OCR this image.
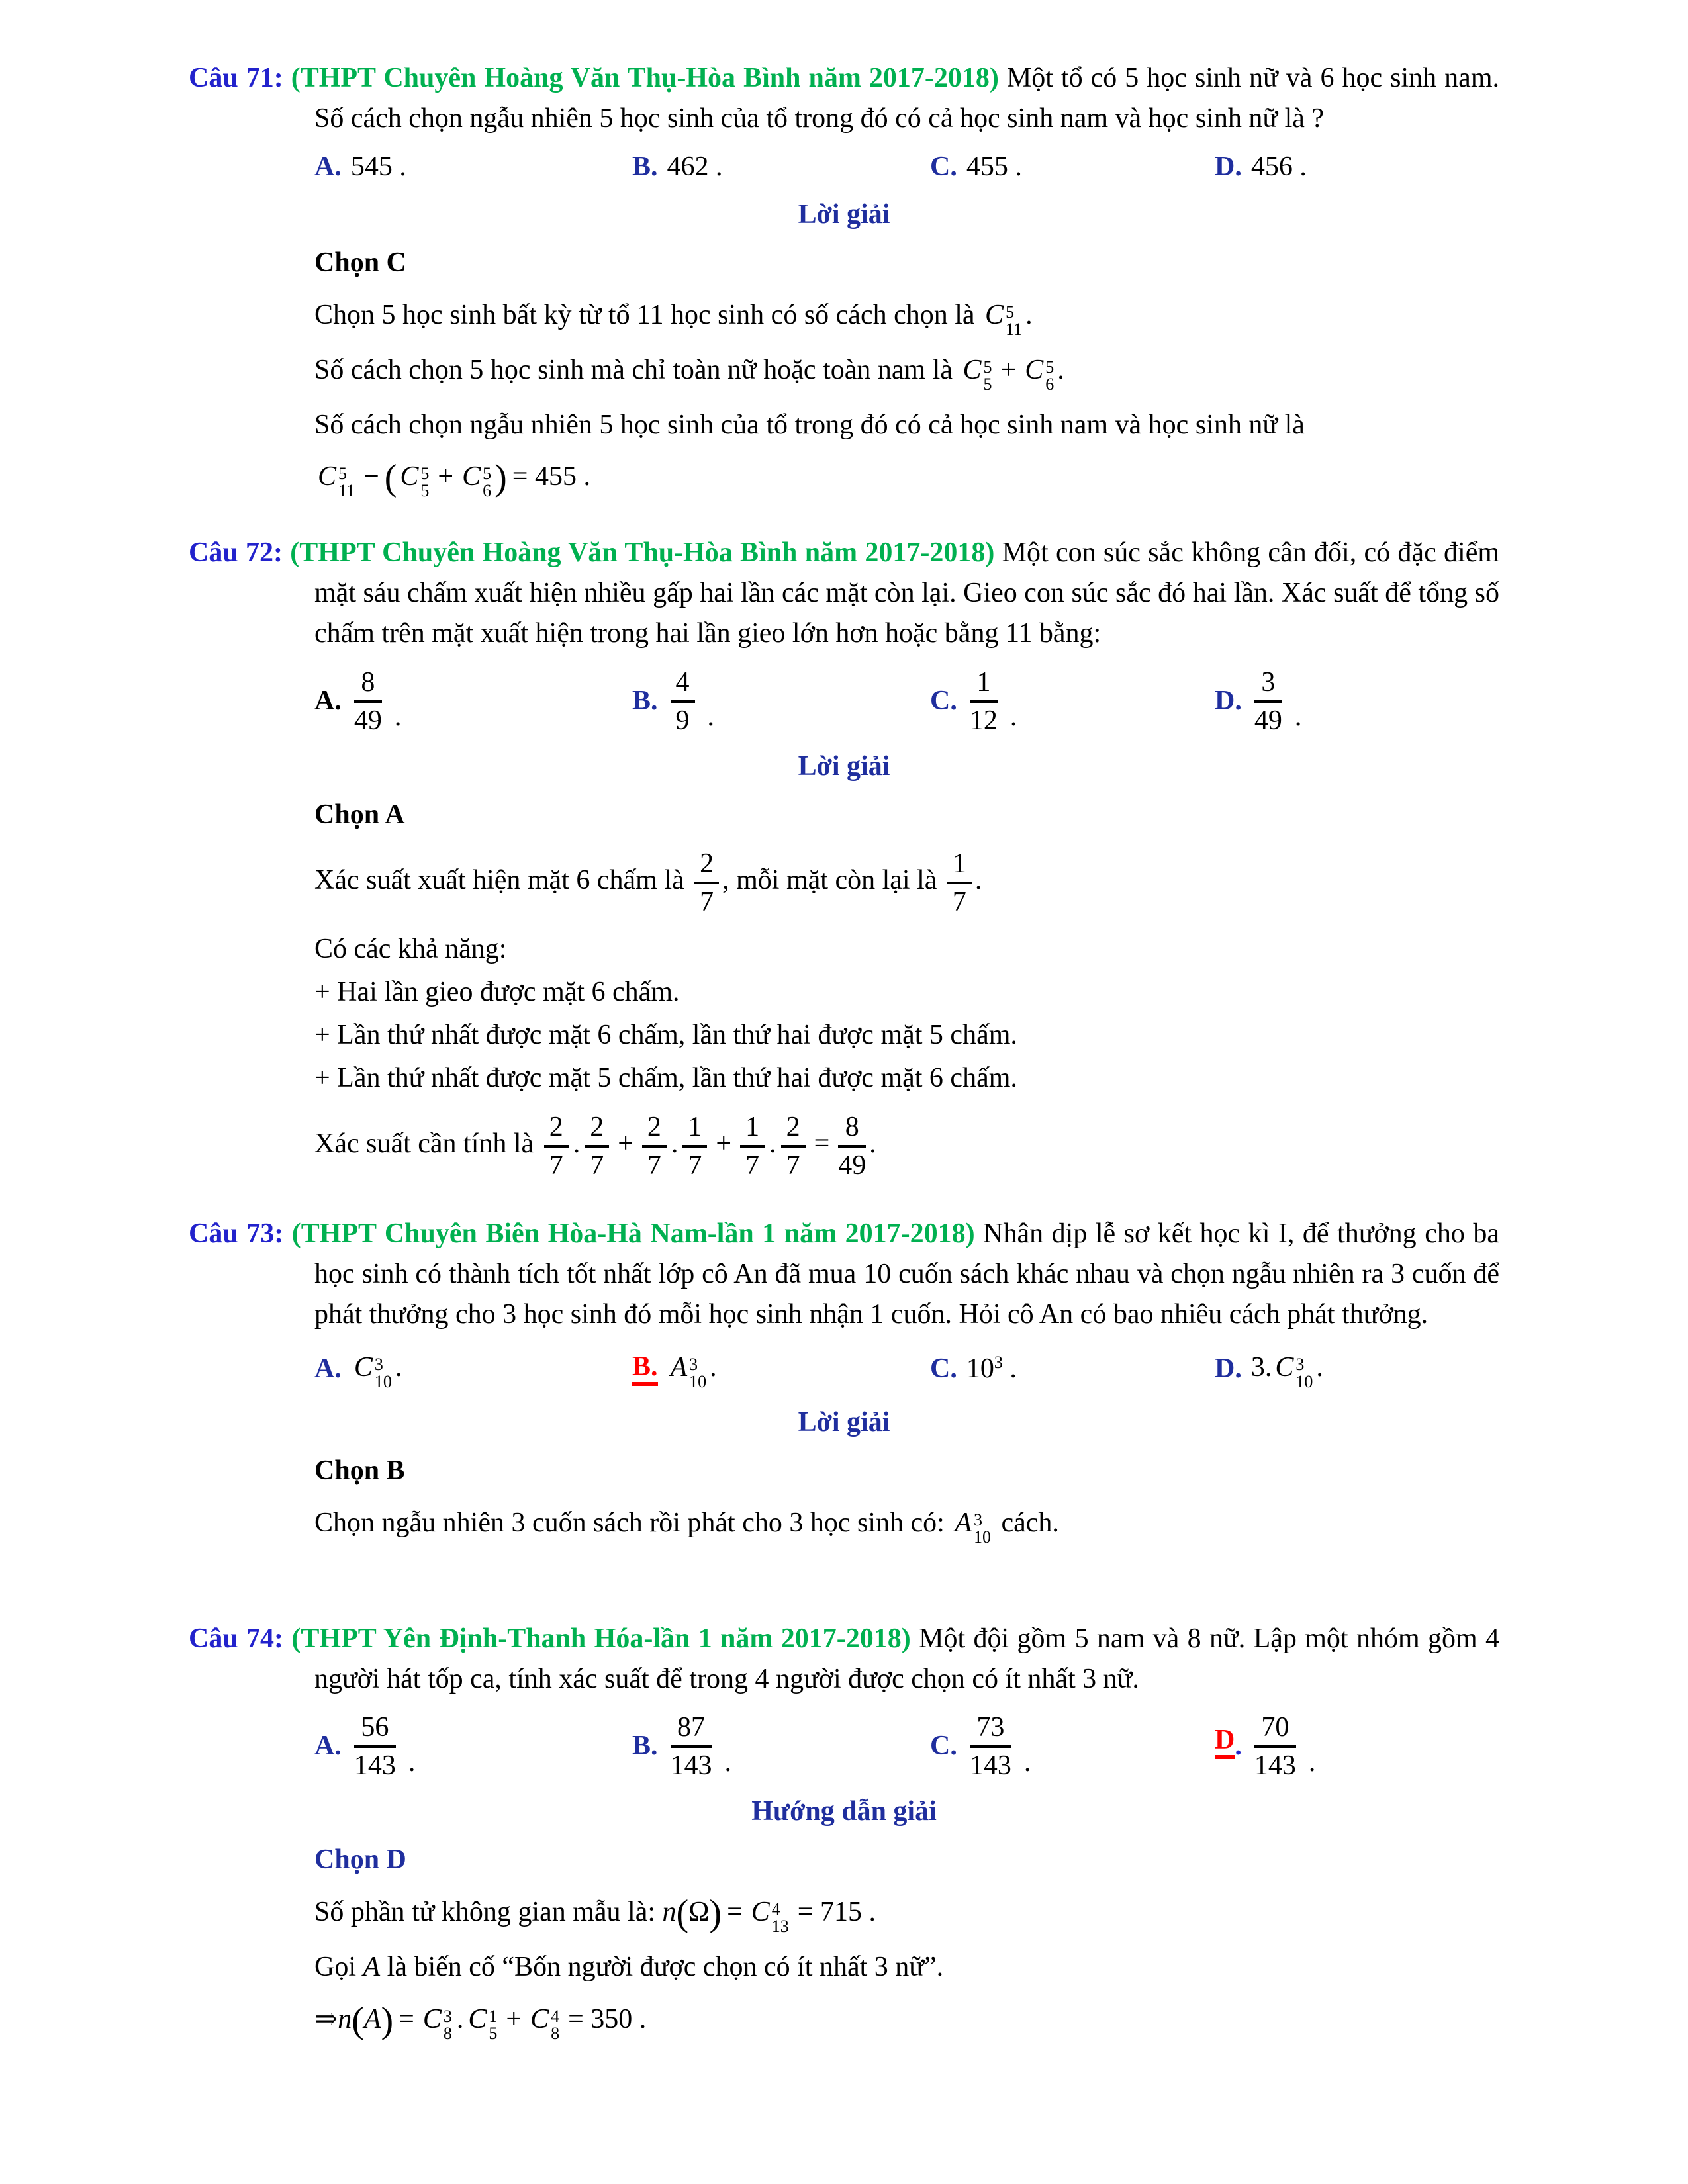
Câu 71: (THPT Chuyên Hoàng Văn Thụ-Hòa Bình năm 2017-2018) Một tổ có 5 học sinh nữ và 6 học sinh nam. Số cách chọn ngẫu nhiên 5 học sinh của tổ trong đó có cả học sinh nam và học sinh nữ là ?

A. 545 .	B. 462 .	C. 455 .	D. 456 .
Lời giải
Chọn C

Chọn 5 học sinh bất kỳ từ tổ 11 học sinh có số cách chọn là C 5
11 .

Số cách chọn 5 học sinh mà chỉ toàn nữ hoặc toàn nam là C 5
5 + C 5
6 .

Số cách chọn ngẫu nhiên 5 học sinh của tổ trong đó có cả học sinh nam và học sinh nữ là

C 5
11 − ( C 5
5 + C 5
6 ) = 455 .

Câu 72: (THPT Chuyên Hoàng Văn Thụ-Hòa Bình năm 2017-2018) Một con súc sắc không cân đối, có đặc điểm mặt sáu chấm xuất hiện nhiều gấp hai lần các mặt còn lại. Gieo con súc sắc đó hai lần. Xác suất để tổng số chấm trên mặt xuất hiện trong hai lần gieo lớn hơn hoặc bằng 11 bằng:

A. $\frac{8}{49}$ .
B. $\frac{4}{9}$ .
C. $\frac{1}{12}$ .
D. $\frac{3}{49}$ .
Lời giải
Chọn A

Xác suất xuất hiện mặt 6 chấm là $\frac{2}{7}$ , mỗi mặt còn lại là $\frac{1}{7}$ .

Có các khả năng:

+ Hai lần gieo được mặt 6 chấm.

+ Lần thứ nhất được mặt 6 chấm, lần thứ hai được mặt 5 chấm.

+ Lần thứ nhất được mặt 5 chấm, lần thứ hai được mặt 6 chấm.

Xác suất cần tính là $\frac{2}{7}$ . $\frac{2}{7} + \frac{2}{7}$ . $\frac{1}{7} + \frac{1}{7}$ . $\frac{2}{7} = \frac{8}{49}$ .

Câu 73: (THPT Chuyên Biên Hòa-Hà Nam-lần 1 năm 2017-2018) Nhân dịp lễ sơ kết học kì I, để thưởng cho ba học sinh có thành tích tốt nhất lớp cô An đã mua 10 cuốn sách khác nhau và chọn ngẫu nhiên ra 3 cuốn để phát thưởng cho 3 học sinh đó mỗi học sinh nhận 1 cuốn. Hỏi cô An có bao nhiêu cách phát thưởng.

A. C 3
10 .	B. A 3
10 .	C. $10^3$ .	D. 3. C 3
10 .
Lời giải
Chọn B

Chọn ngẫu nhiên 3 cuốn sách rồi phát cho 3 học sinh có: A 3
10 cách.

Câu 74: (THPT Yên Định-Thanh Hóa-lần 1 năm 2017-2018) Một đội gồm 5 nam và 8 nữ. Lập một nhóm gồm 4 người hát tốp ca, tính xác suất để trong 4 người được chọn có ít nhất 3 nữ.

A. $\frac{56}{143}$ .
B. $\frac{87}{143}$ .
C. $\frac{73}{143}$ .
D . $\frac{70}{143}$ .
Hướng dẫn giải
Chọn D

Số phần tử không gian mẫu là: n(Ω) = C 4
13 = 715 .

Gọi A là biến cố “Bốn người được chọn có ít nhất 3 nữ”.

⇒n(A) = C 3
8 . C 1
5 + C 4
8 = 350 .
